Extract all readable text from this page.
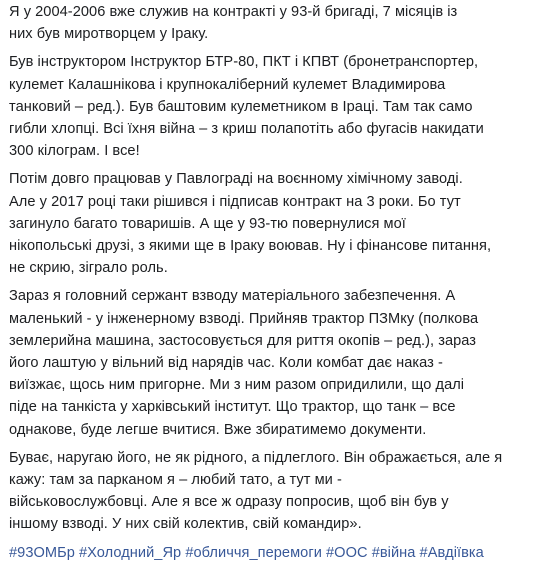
Я у 2004-2006 вже служив на контракті у 93-й бригаді, 7 місяців із
них був миротворцем у Іраку.
Був інструктором Інструктор БТР-80, ПКТ і КПВТ (бронетранспортер,
кулемет Калашнікова і крупнокаліберний кулемет Владимирова
танковий – ред.). Був баштовим кулеметником в Іраці. Там так само
гибли хлопці. Всі їхня війна – з криш полапотіть або фугасів накидати
300 кілограм. І все!
Потім довго працював у Павлограді на воєнному хімічному заводі.
Але у 2017 році таки рішився і підписав контракт на 3 роки. Бо тут
загинуло багато товаришів. А ще у 93-тю повернулися мої
нікопольські друзі, з якими ще в Іраку воював. Ну і фінансове питання,
не скрию, зіграло роль.
Зараз я головний сержант взводу матеріального забезпечення. А
маленький - у інженерному взводі. Прийняв трактор ПЗМку (полкова
землерийна машина, застосовується для риття окопів – ред.), зараз
його лаштую у вільний від нарядів час. Коли комбат дає наказ -
виїзжає, щось ним пригорне. Ми з ним разом опридилили, що далі
піде на танкіста у харківський інститут. Що трактор, що танк – все
однакове, буде легше вчитися. Вже збиратимемо документи.
Буває, наругаю його, не як рідного, а підлеглого. Він ображається, але я
кажу: там за парканом я – любий тато, а тут ми -
військовослужбовці. Але я все ж одразу попросив, щоб він був у
іншому взводі. У них свій колектив, свій командир».
#93ОМБр #Холодний_Яр #обличчя_перемоги #ООС #війна #Авдіївка
